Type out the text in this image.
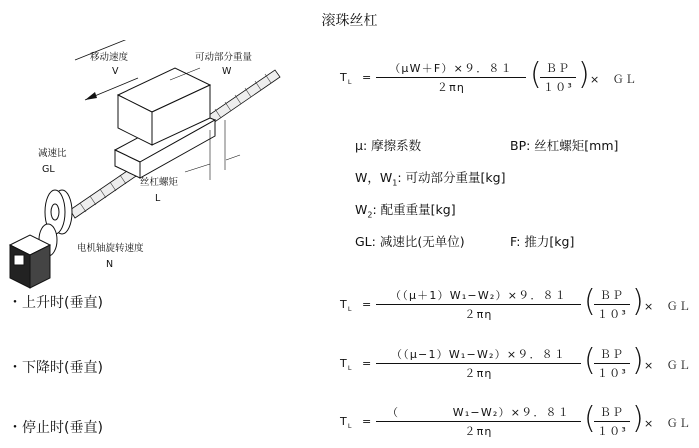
滚珠丝杠
移动速度
V
可动部分重量
W
减速比
GL
丝杠螺矩
L
电机轴旋转速度
N
$T_L$ =
（μW＋F）×９．８１
２πη	( ＢＰ
１０³ ) ×　ＧＬ
μ: 摩擦系数	BP: 丝杠螺矩[mm]
W，$W_1$: 可动部分重量[kg]
$W_2$: 配重重量[kg]
GL: 减速比(无单位)	F: 推力[kg]
・上升时(垂直)
・下降时(垂直)
・停止时(垂直)
$T_L$ =
（（μ＋1）W₁−W₂）×９．８１
２πη	( ＢＰ
１０³ ) ×　ＧＬ
$T_L$ =
（（μ−1）W₁−W₂）×９．８１
２πη	( ＢＰ
１０³ ) ×　ＧＬ
$T_L$ =
（　　　　 W₁−W₂）×９．８１
２πη	( ＢＰ
１０³ ) ×　ＧＬ
